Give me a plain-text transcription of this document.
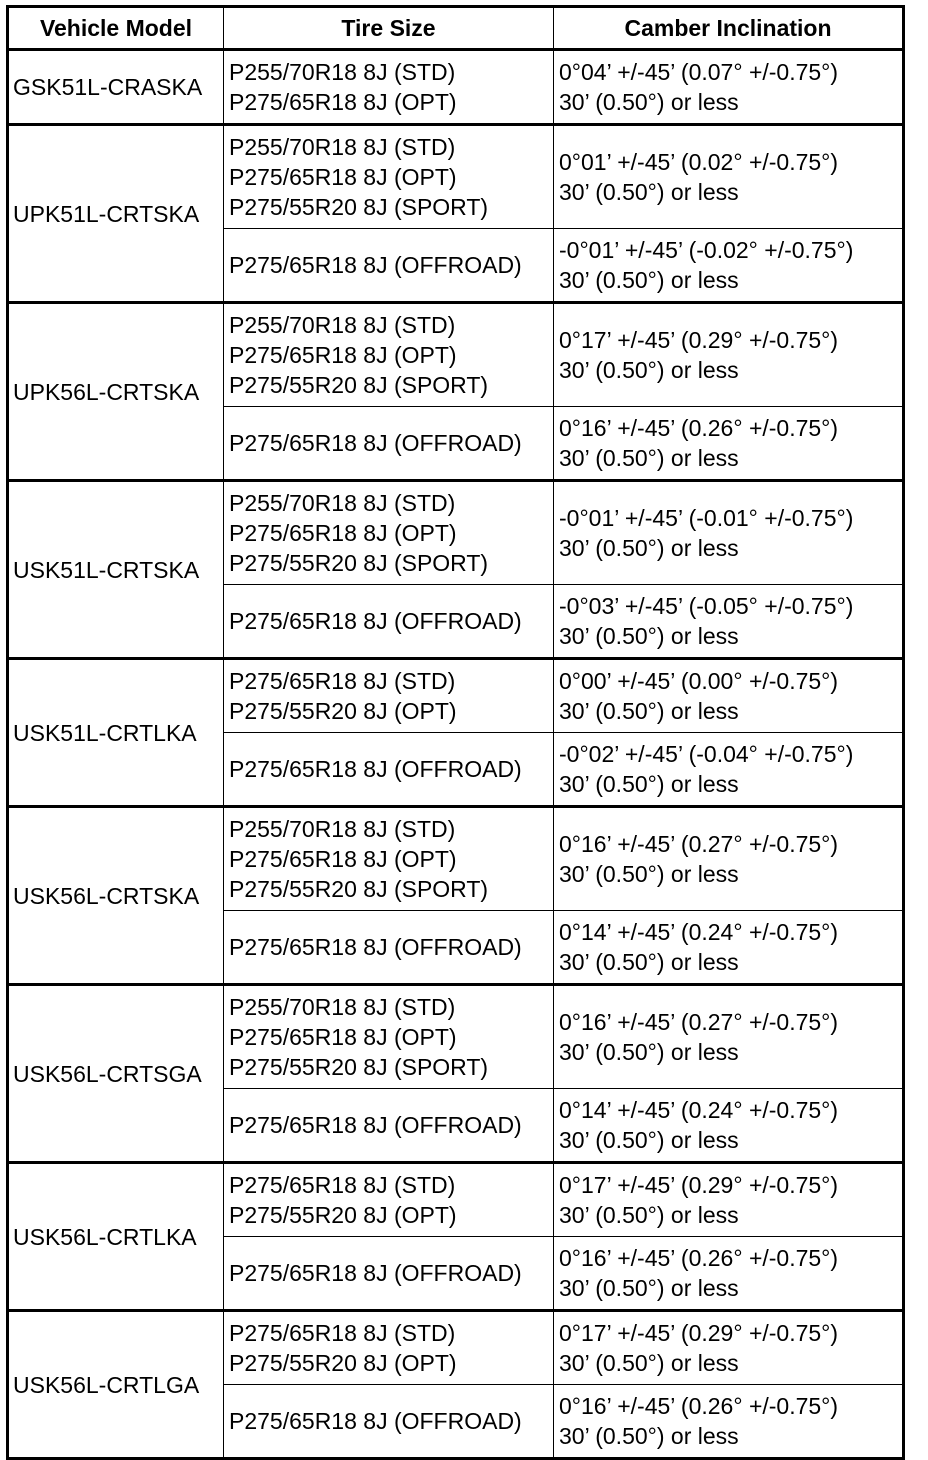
Vehicle Model	Tire Size	Camber Inclination
GSK51L-CRASKA	P255/70R18 8J (STD)
P275/65R18 8J (OPT)	0°04’ +/-45’ (0.07° +/-0.75°)
30’ (0.50°) or less

UPK51L-CRTSKA	P255/70R18 8J (STD)
P275/65R18 8J (OPT)
P275/55R20 8J (SPORT)	0°01’ +/-45’ (0.02° +/-0.75°)
30’ (0.50°) or less

	P275/65R18 8J (OFFROAD)	-0°01’ +/-45’ (-0.02° +/-0.75°)
30’ (0.50°) or less

UPK56L-CRTSKA	P255/70R18 8J (STD)
P275/65R18 8J (OPT)
P275/55R20 8J (SPORT)	0°17’ +/-45’ (0.29° +/-0.75°)
30’ (0.50°) or less

	P275/65R18 8J (OFFROAD)	0°16’ +/-45’ (0.26° +/-0.75°)
30’ (0.50°) or less

USK51L-CRTSKA	P255/70R18 8J (STD)
P275/65R18 8J (OPT)
P275/55R20 8J (SPORT)	-0°01’ +/-45’ (-0.01° +/-0.75°)
30’ (0.50°) or less

	P275/65R18 8J (OFFROAD)	-0°03’ +/-45’ (-0.05° +/-0.75°)
30’ (0.50°) or less

USK51L-CRTLKA	P275/65R18 8J (STD)
P275/55R20 8J (OPT)	0°00’ +/-45’ (0.00° +/-0.75°)
30’ (0.50°) or less

	P275/65R18 8J (OFFROAD)	-0°02’ +/-45’ (-0.04° +/-0.75°)
30’ (0.50°) or less

USK56L-CRTSKA	P255/70R18 8J (STD)
P275/65R18 8J (OPT)
P275/55R20 8J (SPORT)	0°16’ +/-45’ (0.27° +/-0.75°)
30’ (0.50°) or less

	P275/65R18 8J (OFFROAD)	0°14’ +/-45’ (0.24° +/-0.75°)
30’ (0.50°) or less

USK56L-CRTSGA	P255/70R18 8J (STD)
P275/65R18 8J (OPT)
P275/55R20 8J (SPORT)	0°16’ +/-45’ (0.27° +/-0.75°)
30’ (0.50°) or less

	P275/65R18 8J (OFFROAD)	0°14’ +/-45’ (0.24° +/-0.75°)
30’ (0.50°) or less

USK56L-CRTLKA	P275/65R18 8J (STD)
P275/55R20 8J (OPT)	0°17’ +/-45’ (0.29° +/-0.75°)
30’ (0.50°) or less

	P275/65R18 8J (OFFROAD)	0°16’ +/-45’ (0.26° +/-0.75°)
30’ (0.50°) or less

USK56L-CRTLGA	P275/65R18 8J (STD)
P275/55R20 8J (OPT)	0°17’ +/-45’ (0.29° +/-0.75°)
30’ (0.50°) or less

	P275/65R18 8J (OFFROAD)	0°16’ +/-45’ (0.26° +/-0.75°)
30’ (0.50°) or less
